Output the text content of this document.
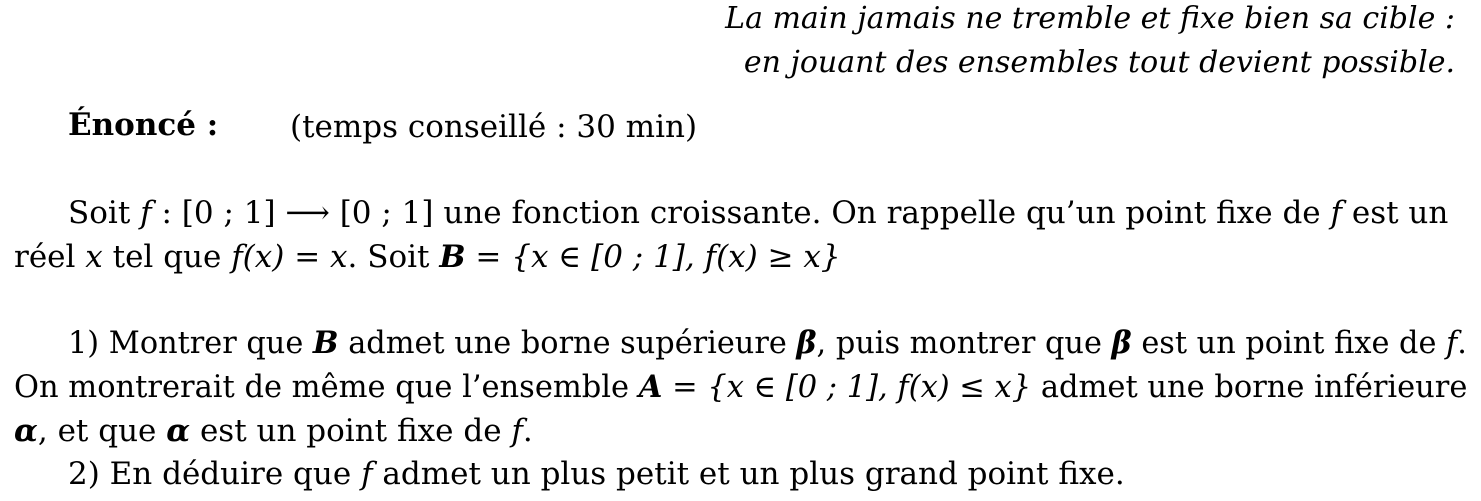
La main jamais ne tremble et fixe bien sa cible :
en jouant des ensembles tout devient possible.
Énoncé : (temps conseillé : 30 min)
Soit f : [0 ; 1] ⟶ [0 ; 1] une fonction croissante. On rappelle qu’un point fixe de f est un
réel x tel que f(x) = x. Soit B = {x ∈ [0 ; 1], f(x) ≥ x}
1) Montrer que B admet une borne supérieure β, puis montrer que β est un point fixe de f.
On montrerait de même que l’ensemble A = {x ∈ [0 ; 1], f(x) ≤ x} admet une borne inférieure
α, et que α est un point fixe de f.
2) En déduire que f admet un plus petit et un plus grand point fixe.
